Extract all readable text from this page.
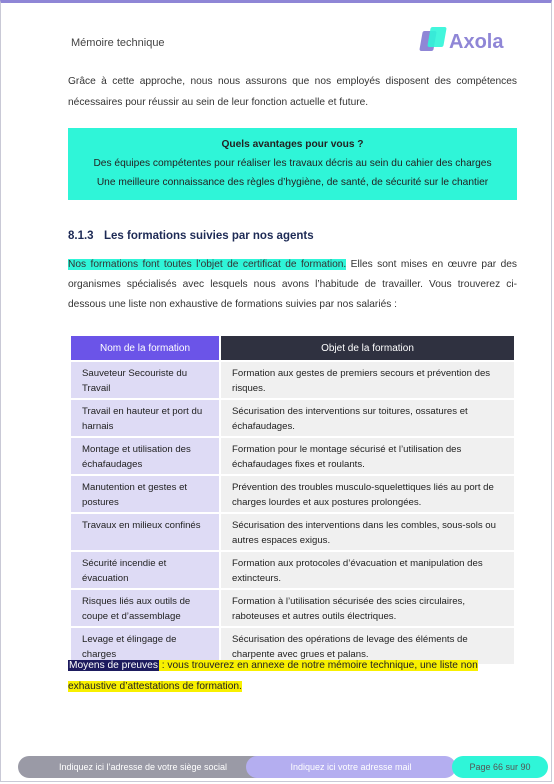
Mémoire technique	Axola
Grâce à cette approche, nous nous assurons que nos employés disposent des compétences nécessaires pour réussir au sein de leur fonction actuelle et future.
Quels avantages pour vous ?
Des équipes compétentes pour réaliser les travaux décris au sein du cahier des charges
Une meilleure connaissance des règles d’hygiène, de santé, de sécurité sur le chantier
8.1.3 Les formations suivies par nos agents
Nos formations font toutes l’objet de certificat de formation. Elles sont mises en œuvre par des organismes spécialisés avec lesquels nous avons l’habitude de travailler. Vous trouverez ci-dessous une liste non exhaustive de formations suivies par nos salariés :
Nom de la formation	Objet de la formation
Sauveteur Secouriste du Travail	Formation aux gestes de premiers secours et prévention des risques.
Travail en hauteur et port du harnais	Sécurisation des interventions sur toitures, ossatures et échafaudages.
Montage et utilisation des échafaudages	Formation pour le montage sécurisé et l’utilisation des échafaudages fixes et roulants.
Manutention et gestes et postures	Prévention des troubles musculo-squelettiques liés au port de charges lourdes et aux postures prolongées.
Travaux en milieux confinés	Sécurisation des interventions dans les combles, sous-sols ou autres espaces exigus.
Sécurité incendie et évacuation	Formation aux protocoles d’évacuation et manipulation des extincteurs.
Risques liés aux outils de coupe et d’assemblage	Formation à l’utilisation sécurisée des scies circulaires, raboteuses et autres outils électriques.
Levage et élingage de charges	Sécurisation des opérations de levage des éléments de charpente avec grues et palans.
Moyens de preuves : vous trouverez en annexe de notre mémoire technique, une liste non exhaustive d’attestations de formation.
Indiquez ici l’adresse de votre siège social	Indiquez ici votre adresse mail	Page 66 sur 90
